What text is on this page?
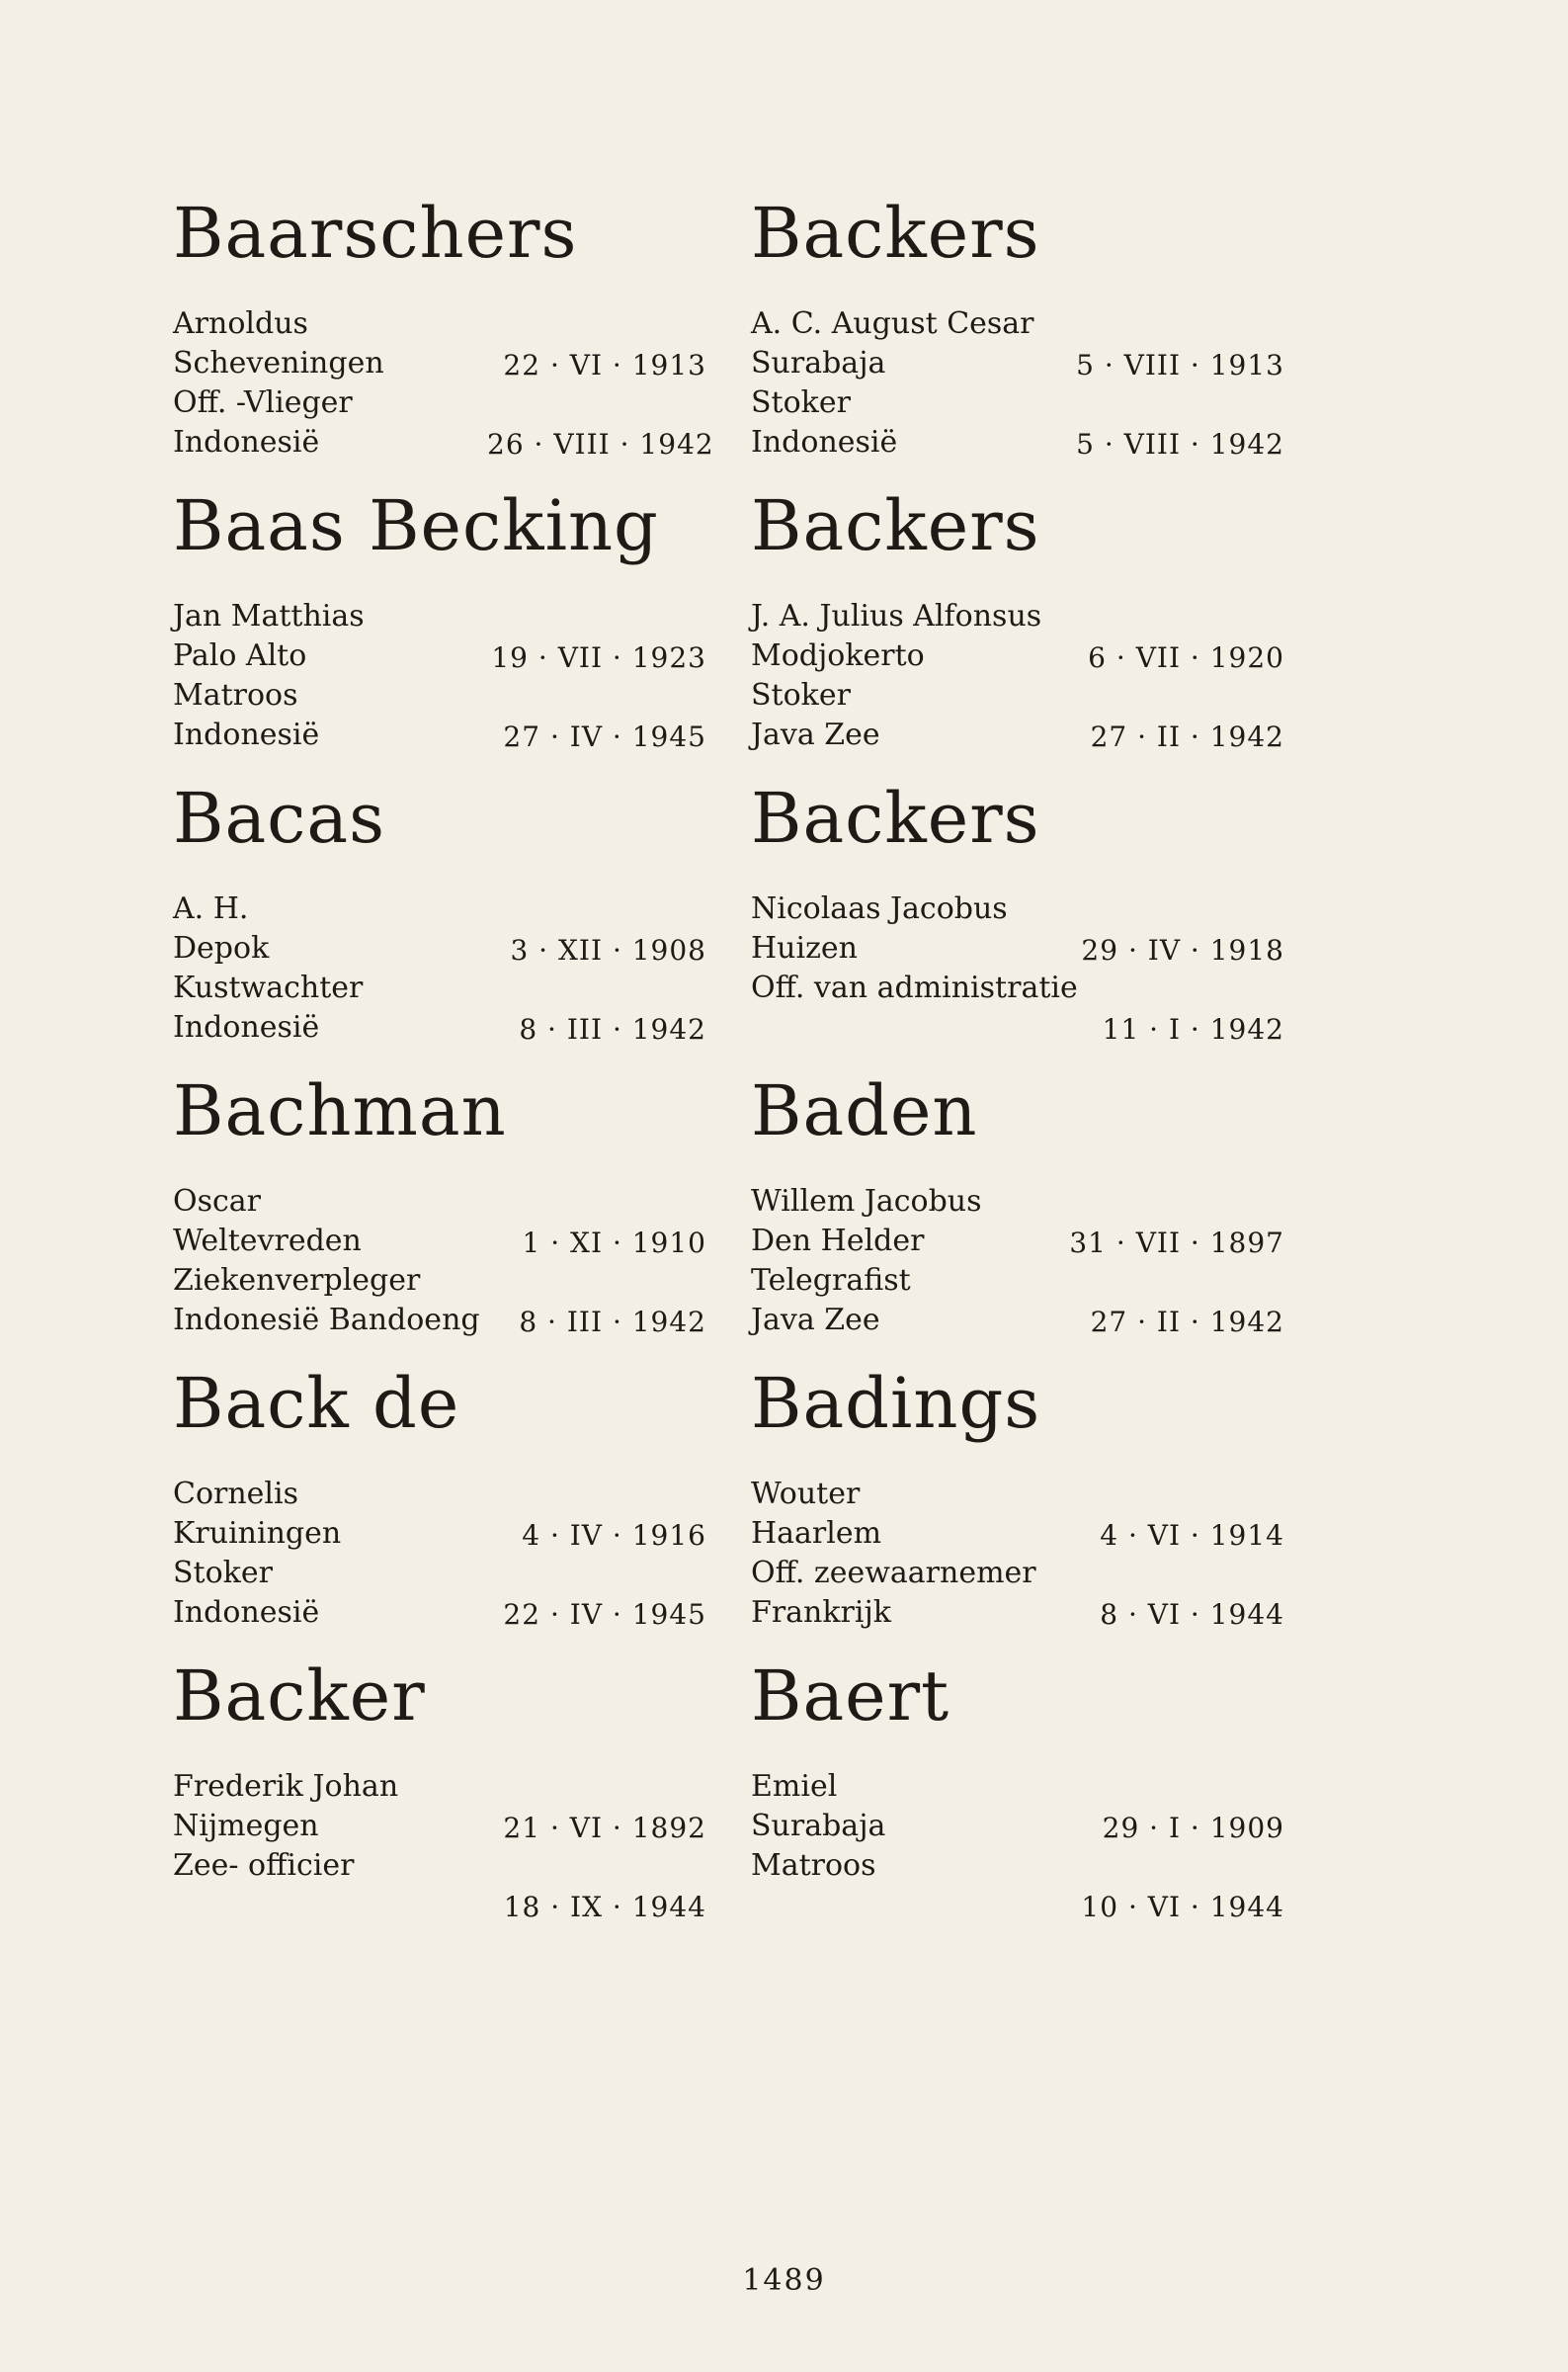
Baarschers
Arnoldus
Scheveningen	22 · VI · 1913
Off. -Vlieger
Indonesië	26 · VIII · 1942
Baas Becking
Jan Matthias
Palo Alto	19 · VII · 1923
Matroos
Indonesië	27 · IV · 1945
Bacas
A. H.
Depok	3 · XII · 1908
Kustwachter
Indonesië	8 · III · 1942
Bachman
Oscar
Weltevreden	1 · XI · 1910
Ziekenverpleger
Indonesië Bandoeng	8 · III · 1942
Back de
Cornelis
Kruiningen	4 · IV · 1916
Stoker
Indonesië	22 · IV · 1945
Backer
Frederik Johan
Nijmegen	21 · VI · 1892
Zee- officier
18 · IX · 1944
Backers
A. C. August Cesar
Surabaja	5 · VIII · 1913
Stoker
Indonesië	5 · VIII · 1942
Backers
J. A. Julius Alfonsus
Modjokerto	6 · VII · 1920
Stoker
Java Zee	27 · II · 1942
Backers
Nicolaas Jacobus
Huizen	29 · IV · 1918
Off. van administratie
11 · I · 1942
Baden
Willem Jacobus
Den Helder	31 · VII · 1897
Telegrafist
Java Zee	27 · II · 1942
Badings
Wouter
Haarlem	4 · VI · 1914
Off. zeewaarnemer
Frankrijk	8 · VI · 1944
Baert
Emiel
Surabaja	29 · I · 1909
Matroos
10 · VI · 1944
1489
